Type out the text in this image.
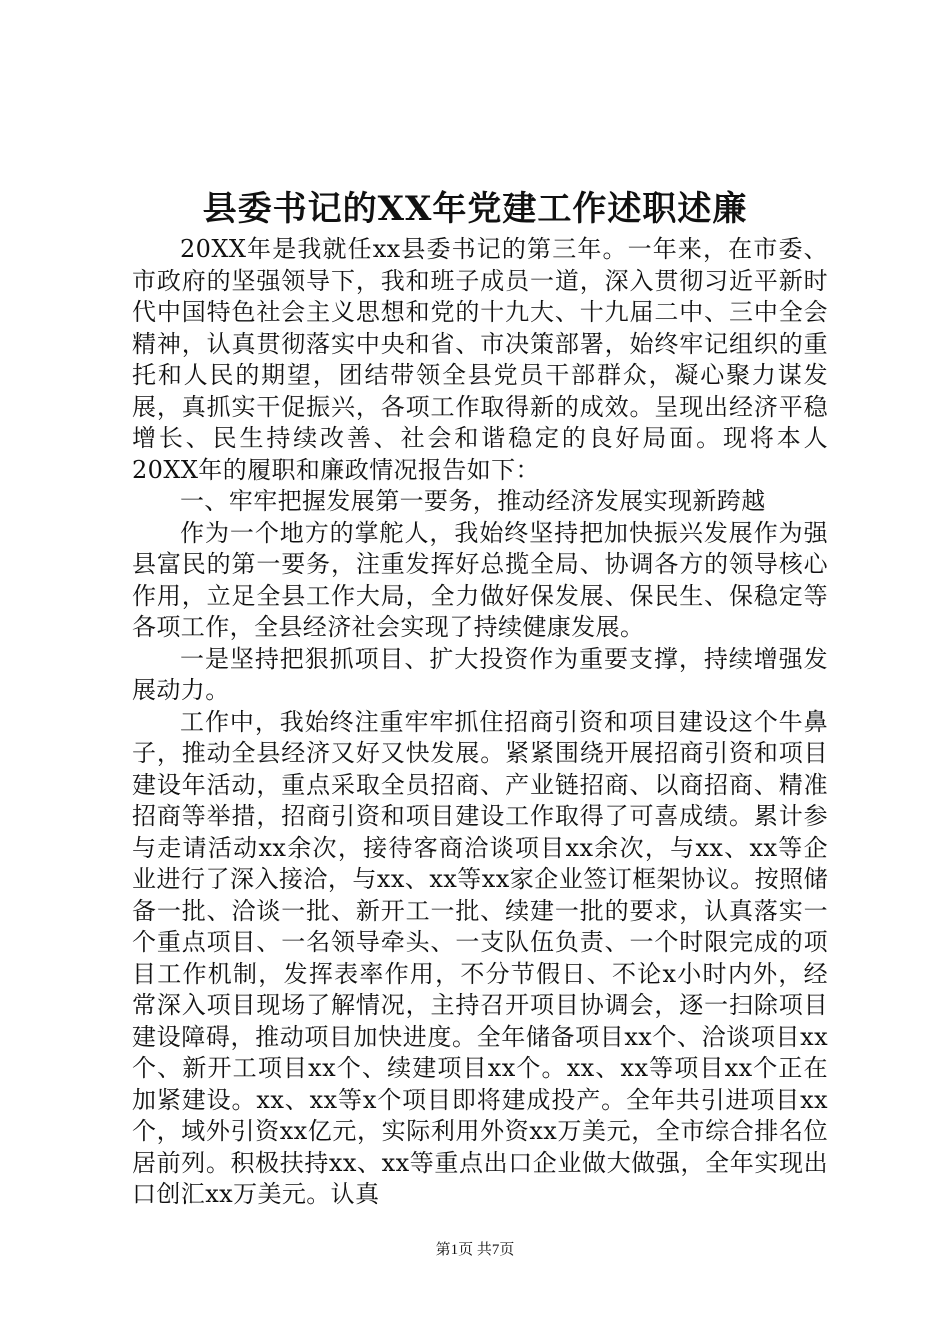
县委书记的XX年党建工作述职述廉

20XX年是我就任xx县委书记的第三年。一年来，在市委、市政府的坚强领导下，我和班子成员一道，深入贯彻习近平新时代中国特色社会主义思想和党的十九大、十九届二中、三中全会精神，认真贯彻落实中央和省、市决策部署，始终牢记组织的重托和人民的期望，团结带领全县党员干部群众，凝心聚力谋发展，真抓实干促振兴，各项工作取得新的成效。呈现出经济平稳增长、民生持续改善、社会和谐稳定的良好局面。现将本人20XX年的履职和廉政情况报告如下：

一、牢牢把握发展第一要务，推动经济发展实现新跨越

作为一个地方的掌舵人，我始终坚持把加快振兴发展作为强县富民的第一要务，注重发挥好总揽全局、协调各方的领导核心作用，立足全县工作大局，全力做好保发展、保民生、保稳定等各项工作，全县经济社会实现了持续健康发展。

一是坚持把狠抓项目、扩大投资作为重要支撑，持续增强发展动力。

工作中，我始终注重牢牢抓住招商引资和项目建设这个牛鼻子，推动全县经济又好又快发展。紧紧围绕开展招商引资和项目建设年活动，重点采取全员招商、产业链招商、以商招商、精准招商等举措，招商引资和项目建设工作取得了可喜成绩。累计参与走请活动xx余次，接待客商洽谈项目xx余次，与xx、xx等企业进行了深入接洽，与xx、xx等xx家企业签订框架协议。按照储备一批、洽谈一批、新开工一批、续建一批的要求，认真落实一个重点项目、一名领导牵头、一支队伍负责、一个时限完成的项目工作机制，发挥表率作用，不分节假日、不论x小时内外，经常深入项目现场了解情况，主持召开项目协调会，逐一扫除项目建设障碍，推动项目加快进度。全年储备项目xx个、洽谈项目xx个、新开工项目xx个、续建项目xx个。xx、xx等项目xx个正在加紧建设。xx、xx等x个项目即将建成投产。全年共引进项目xx个，域外引资xx亿元，实际利用外资xx万美元，全市综合排名位居前列。积极扶持xx、xx等重点出口企业做大做强，全年实现出口创汇xx万美元。认真

第1页 共7页
